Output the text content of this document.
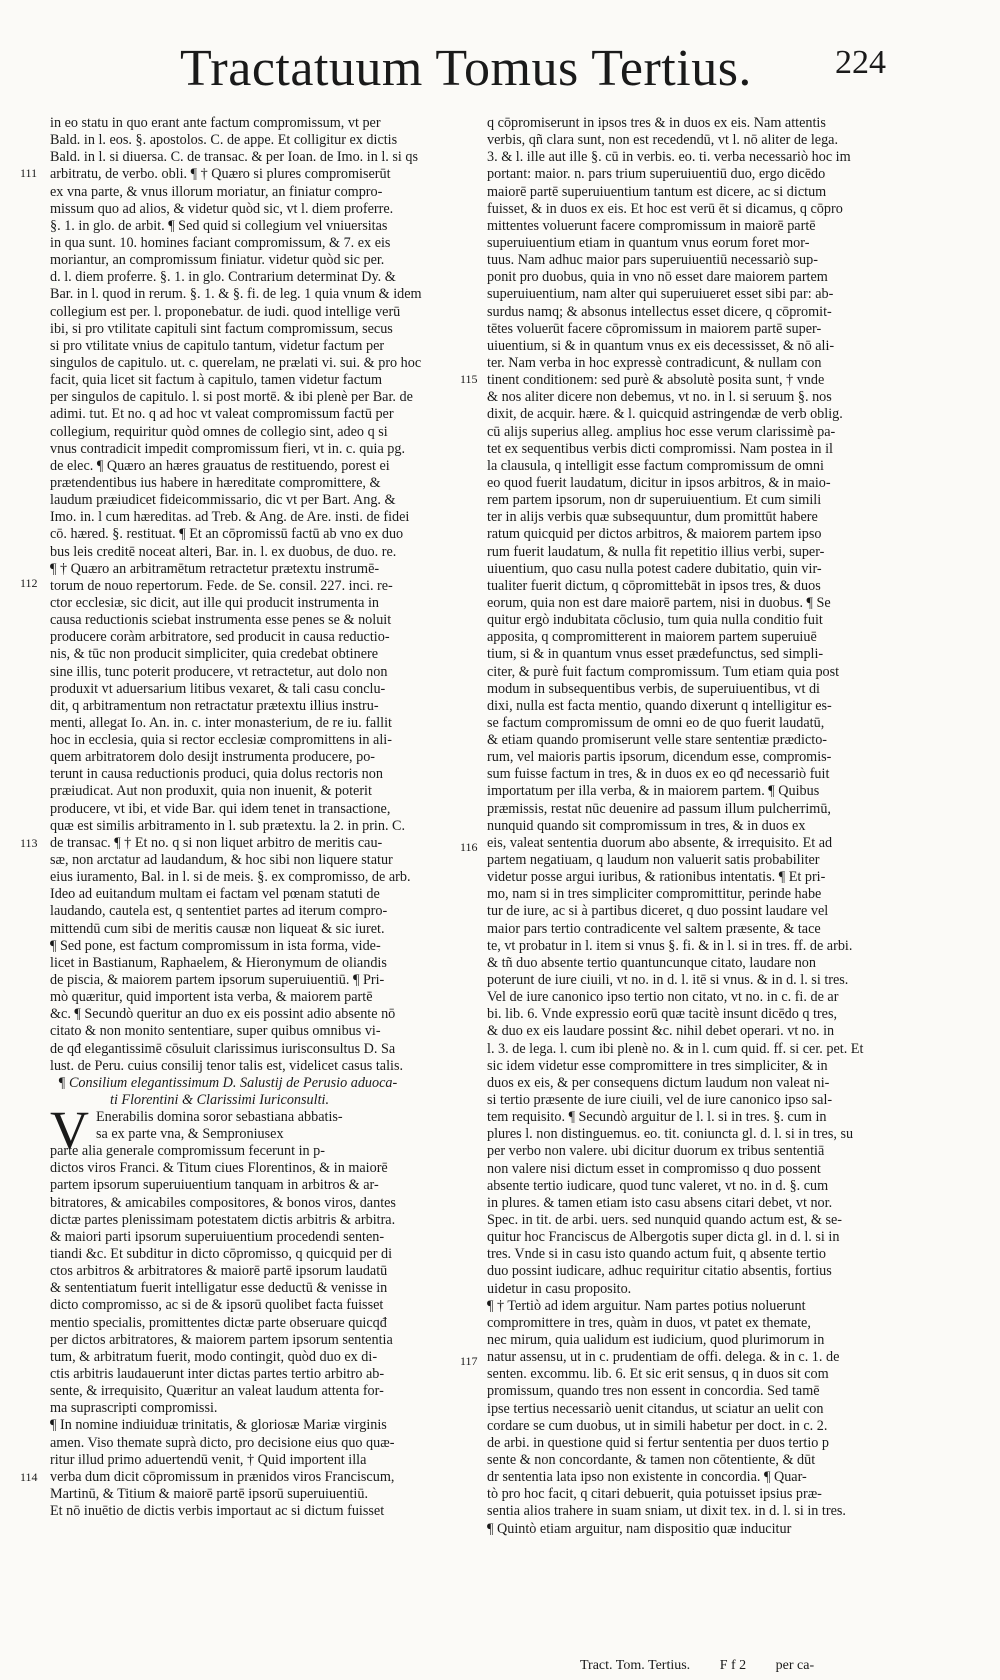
Tractatuum Tomus Tertius. 224
111
112
113
114
115
116
117
in eo statu in quo erant ante factum compromissum, vt per
Bald. in l. eos. §. apostolos. C. de appe. Et colligitur ex dictis
Bald. in l. si diuersa. C. de transac. & per Ioan. de Imo. in l. si qs
arbitratu, de verbo. obli. ¶ † Quæro si plures compromiserūt
ex vna parte, & vnus illorum moriatur, an finiatur compro-
missum quo ad alios, & videtur quòd sic, vt l. diem proferre.
§. 1. in glo. de arbit. ¶ Sed quid si collegium vel vniuersitas
in qua sunt. 10. homines faciant compromissum, & 7. ex eis
moriantur, an compromissum finiatur. videtur quòd sic per.
d. l. diem proferre. §. 1. in glo. Contrarium determinat Dy. &
Bar. in l. quod in rerum. §. 1. & §. fi. de leg. 1 quia vnum & idem
collegium est per. l. proponebatur. de iudi. quod intellige verū
ibi, si pro vtilitate capituli sint factum compromissum, secus
si pro vtilitate vnius de capitulo tantum, videtur factum per
singulos de capitulo. ut. c. querelam, ne prælati vi. sui. & pro hoc
facit, quia licet sit factum à capitulo, tamen videtur factum
per singulos de capitulo. l. si post mortē. & ibi plenè per Bar. de
adimi. tut. Et no. q ad hoc vt valeat compromissum factū per
collegium, requiritur quòd omnes de collegio sint, adeo q si
vnus contradicit impedit compromissum fieri, vt in. c. quia pg.
de elec. ¶ Quæro an hæres grauatus de restituendo, porest ei
prætendentibus ius habere in hæreditate compromittere, &
laudum præiudicet fideicommissario, dic vt per Bart. Ang. &
Imo. in. l cum hæreditas. ad Treb. & Ang. de Are. insti. de fidei
cō. hæred. §. restituat. ¶ Et an cōpromissū factū ab vno ex duo
bus leis creditē noceat alteri, Bar. in. l. ex duobus, de duo. re.
¶ † Quæro an arbitramētum retractetur prætextu instrumē-
torum de nouo repertorum. Fede. de Se. consil. 227. inci. re-
ctor ecclesiæ, sic dicit, aut ille qui producit instrumenta in
causa reductionis sciebat instrumenta esse penes se & noluit
producere coràm arbitratore, sed producit in causa reductio-
nis, & tūc non producit simpliciter, quia credebat obtinere
sine illis, tunc poterit producere, vt retractetur, aut dolo non
produxit vt aduersarium litibus vexaret, & tali casu conclu-
dit, q arbitramentum non retractatur prætextu illius instru-
menti, allegat Io. An. in. c. inter monasterium, de re iu. fallit
hoc in ecclesia, quia si rector ecclesiæ compromittens in ali-
quem arbitratorem dolo desijt instrumenta producere, po-
terunt in causa reductionis produci, quia dolus rectoris non
præiudicat. Aut non produxit, quia non inuenit, & poterit
producere, vt ibi, et vide Bar. qui idem tenet in transactione,
quæ est similis arbitramento in l. sub prætextu. la 2. in prin. C.
de transac. ¶ † Et no. q si non liquet arbitro de meritis cau-
sæ, non arctatur ad laudandum, & hoc sibi non liquere statur
eius iuramento, Bal. in l. si de meis. §. ex compromisso, de arb.
Ideo ad euitandum multam ei factam vel pœnam statuti de
laudando, cautela est, q sententiet partes ad iterum compro-
mittendū cum sibi de meritis causæ non liqueat & sic iuret.
¶ Sed pone, est factum compromissum in ista forma, vide-
licet in Bastianum, Raphaelem, & Hieronymum de oliandis
de piscia, & maiorem partem ipsorum superuiuentiū. ¶ Pri-
mò quæritur, quid importent ista verba, & maiorem partē
&c. ¶ Secundò queritur an duo ex eis possint adio absente nō
citato & non monito sententiare, super quibus omnibus vi-
de qđ elegantissimē cōsuluit clarissimus iurisconsultus D. Sa
lust. de Peru. cuius consilij tenor talis est, videlicet casus talis.
¶ Consilium elegantissimum D. Salustij de Perusio aduoca-
ti Florentini & Clarissimi Iuriconsulti.
V Enerabilis domina soror sebastiana abbatis-
sa ex parte vna, & Semproniusex
parte alia generale compromissum fecerunt in p-
dictos viros Franci. & Titum ciues Florentinos, & in maiorē
partem ipsorum superuiuentium tanquam in arbitros & ar-
bitratores, & amicabiles compositores, & bonos viros, dantes
dictæ partes plenissimam potestatem dictis arbitris & arbitra.
& maiori parti ipsorum superuiuentium procedendi senten-
tiandi &c. Et subditur in dicto cōpromisso, q quicquid per di
ctos arbitros & arbitratores & maiorē partē ipsorum laudatū
& sententiatum fuerit intelligatur esse deductū & venisse in
dicto compromisso, ac si de & ipsorū quolibet facta fuisset
mentio specialis, promittentes dictæ parte obseruare quicqđ
per dictos arbitratores, & maiorem partem ipsorum sententia
tum, & arbitratum fuerit, modo contingit, quòd duo ex di-
ctis arbitris laudauerunt inter dictas partes tertio arbitro ab-
sente, & irrequisito, Quæritur an valeat laudum attenta for-
ma suprascripti compromissi.
¶ In nomine indiuiduæ trinitatis, & gloriosæ Mariæ virginis
amen. Viso themate suprà dicto, pro decisione eius quo quæ-
ritur illud primo aduertendū venit, † Quid importent illa
verba dum dicit cōpromissum in prænidos viros Franciscum,
Martinū, & Titium & maiorē partē ipsorū superuiuentiū.
Et nō inuētio de dictis verbis importaut ac si dictum fuisset
q cōpromiserunt in ipsos tres & in duos ex eis. Nam attentis
verbis, qñ clara sunt, non est recedendū, vt l. nō aliter de lega.
3. & l. ille aut ille §. cū in verbis. eo. ti. verba necessariò hoc im
portant: maior. n. pars trium superuiuentiū duo, ergo dicēdo
maiorē partē superuiuentium tantum est dicere, ac si dictum
fuisset, & in duos ex eis. Et hoc est verū ēt si dicamus, q cōpro
mittentes voluerunt facere compromissum in maiorē partē
superuiuentium etiam in quantum vnus eorum foret mor-
tuus. Nam adhuc maior pars superuiuentiū necessariò sup-
ponit pro duobus, quia in vno nō esset dare maiorem partem
superuiuentium, nam alter qui superuiueret esset sibi par: ab-
surdus namq; & absonus intellectus esset dicere, q cōpromit-
tētes voluerūt facere cōpromissum in maiorem partē super-
uiuentium, si & in quantum vnus ex eis decessisset, & nō ali-
ter. Nam verba in hoc expressè contradicunt, & nullam con
tinent conditionem: sed purè & absolutè posita sunt, † vnde
& nos aliter dicere non debemus, vt no. in l. si seruum §. nos
dixit, de acquir. hære. & l. quicquid astringendæ de verb oblig.
cū alijs superius alleg. amplius hoc esse verum clarissimè pa-
tet ex sequentibus verbis dicti compromissi. Nam postea in il
la clausula, q intelligit esse factum compromissum de omni
eo quod fuerit laudatum, dicitur in ipsos arbitros, & in maio-
rem partem ipsorum, non dr superuiuentium. Et cum simili
ter in alijs verbis quæ subsequuntur, dum promittūt habere
ratum quicquid per dictos arbitros, & maiorem partem ipso
rum fuerit laudatum, & nulla fit repetitio illius verbi, super-
uiuentium, quo casu nulla potest cadere dubitatio, quin vir-
tualiter fuerit dictum, q cōpromittebāt in ipsos tres, & duos
eorum, quia non est dare maiorē partem, nisi in duobus. ¶ Se
quitur ergò indubitata cōclusio, tum quia nulla conditio fuit
apposita, q compromitterent in maiorem partem superuiuē
tium, si & in quantum vnus esset prædefunctus, sed simpli-
citer, & purè fuit factum compromissum. Tum etiam quia post
modum in subsequentibus verbis, de superuiuentibus, vt di
dixi, nulla est facta mentio, quando dixerunt q intelligitur es-
se factum compromissum de omni eo de quo fuerit laudatū,
& etiam quando promiserunt velle stare sententiæ prædicto-
rum, vel maioris partis ipsorum, dicendum esse, compromis-
sum fuisse factum in tres, & in duos ex eo qđ necessariò fuit
importatum per illa verba, & in maiorem partem. ¶ Quibus
præmissis, restat nūc deuenire ad passum illum pulcherrimū,
nunquid quando sit compromissum in tres, & in duos ex
eis, valeat sententia duorum abo absente, & irrequisito. Et ad
partem negatiuam, q laudum non valuerit satis probabiliter
videtur posse argui iuribus, & rationibus intentatis. ¶ Et pri-
mo, nam si in tres simpliciter compromittitur, perinde habe
tur de iure, ac si à partibus diceret, q duo possint laudare vel
maior pars tertio contradicente vel saltem præsente, & tace
te, vt probatur in l. item si vnus §. fi. & in l. si in tres. ff. de arbi.
& tñ duo absente tertio quantuncunque citato, laudare non
poterunt de iure ciuili, vt no. in d. l. itē si vnus. & in d. l. si tres.
Vel de iure canonico ipso tertio non citato, vt no. in c. fi. de ar
bi. lib. 6. Vnde expressio eorū quæ tacitè insunt dicēdo q tres,
& duo ex eis laudare possint &c. nihil debet operari. vt no. in
l. 3. de lega. l. cum ibi plenè no. & in l. cum quid. ff. si cer. pet. Et
sic idem videtur esse compromittere in tres simpliciter, & in
duos ex eis, & per consequens dictum laudum non valeat ni-
si tertio præsente de iure ciuili, vel de iure canonico ipso sal-
tem requisito. ¶ Secundò arguitur de l. l. si in tres. §. cum in
plures l. non distinguemus. eo. tit. coniuncta gl. d. l. si in tres, su
per verbo non valere. ubi dicitur duorum ex tribus sententiā
non valere nisi dictum esset in compromisso q duo possent
absente tertio iudicare, quod tunc valeret, vt no. in d. §. cum
in plures. & tamen etiam isto casu absens citari debet, vt nor.
Spec. in tit. de arbi. uers. sed nunquid quando actum est, & se-
quitur hoc Franciscus de Albergotis super dicta gl. in d. l. si in
tres. Vnde si in casu isto quando actum fuit, q absente tertio
duo possint iudicare, adhuc requiritur citatio absentis, fortius
uidetur in casu proposito.
¶ † Tertiò ad idem arguitur. Nam partes potius noluerunt
compromittere in tres, quàm in duos, vt patet ex themate,
nec mirum, quia ualidum est iudicium, quod plurimorum in
natur assensu, ut in c. prudentiam de offi. delega. & in c. 1. de
senten. excommu. lib. 6. Et sic erit sensus, q in duos sit com
promissum, quando tres non essent in concordia. Sed tamē
ipse tertius necessariò uenit citandus, ut sciatur an uelit con
cordare se cum duobus, ut in simili habetur per doct. in c. 2.
de arbi. in questione quid si fertur sententia per duos tertio p
sente & non concordante, & tamen non cōtentiente, & dūt
dr sententia lata ipso non existente in concordia. ¶ Quar-
tò pro hoc facit, q citari debuerit, quia potuisset ipsius præ-
sentia alios trahere in suam sniam, ut dixit tex. in d. l. si in tres.
¶ Quintò etiam arguitur, nam dispositio quæ inducitur
Tract. Tom. Tertius. F f 2 per ca-
